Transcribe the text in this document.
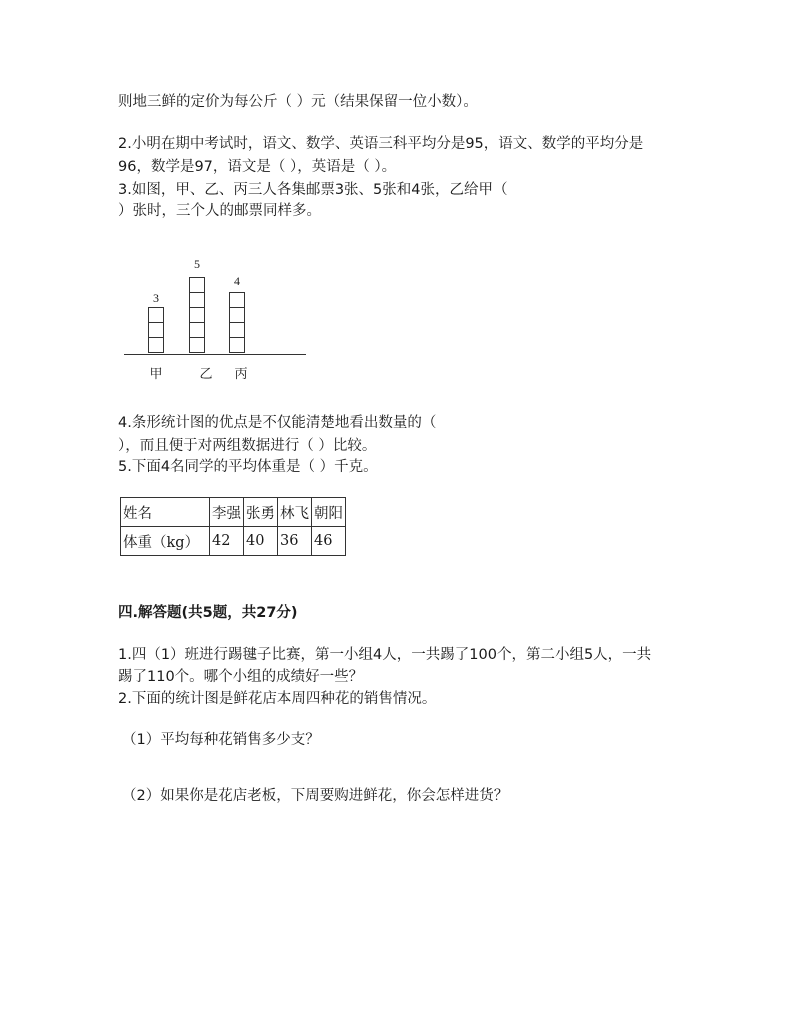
则地三鲜的定价为每公斤（ ）元（结果保留一位小数）。
2.小明在期中考试时，语文、数学、英语三科平均分是95，语文、数学的平均分是
96，数学是97，语文是（ ），英语是（ ）。
3.如图，甲、乙、丙三人各集邮票3张、5张和4张，乙给甲（
）张时，三个人的邮票同样多。
3
5
4
甲	乙 丙
4.条形统计图的优点是不仅能清楚地看出数量的（
），而且便于对两组数据进行（ ）比较。
5.下面4名同学的平均体重是（ ）千克。
姓名	李强	张勇	林飞	朝阳
体重（kg）	42	40	36	46
四.解答题(共5题，共27分)
1.四（1）班进行踢毽子比赛，第一小组4人，一共踢了100个，第二小组5人，一共
踢了110个。哪个小组的成绩好一些？
2.下面的统计图是鲜花店本周四种花的销售情况。
（1）平均每种花销售多少支？
（2）如果你是花店老板，下周要购进鲜花，你会怎样进货？
